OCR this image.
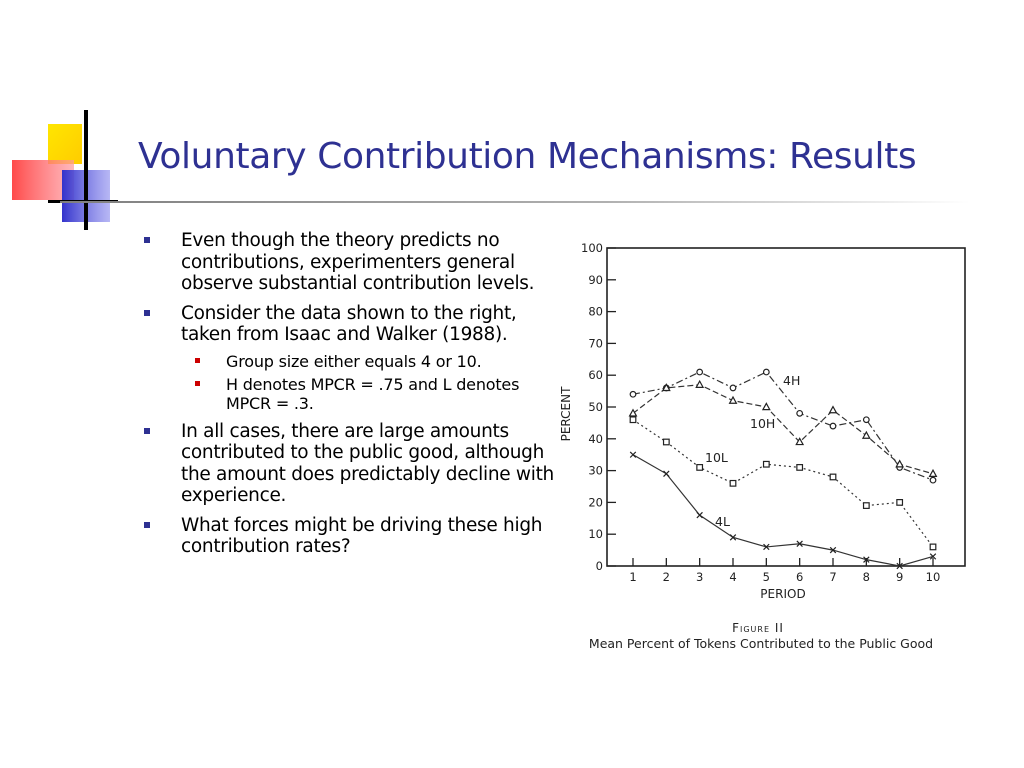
Voluntary Contribution Mechanisms: Results
Even though the theory predicts no contributions, experimenters general observe substantial contribution levels.
Consider the data shown to the right, taken from Isaac and Walker (1988).
Group size either equals 4 or 10.
H denotes MPCR = .75 and L denotes MPCR = .3.
In all cases, there are large amounts contributed to the public good, although the amount does predictably decline with experience.
What forces might be driving these high contribution rates?
0
10
20
30
40
50
60
70
80
90
100
1 2 3 4 5 6 7 8 9 10
4H
10H
10L
4L
PERCENT
PERIOD
Figure II
Mean Percent of Tokens Contributed to the Public Good
